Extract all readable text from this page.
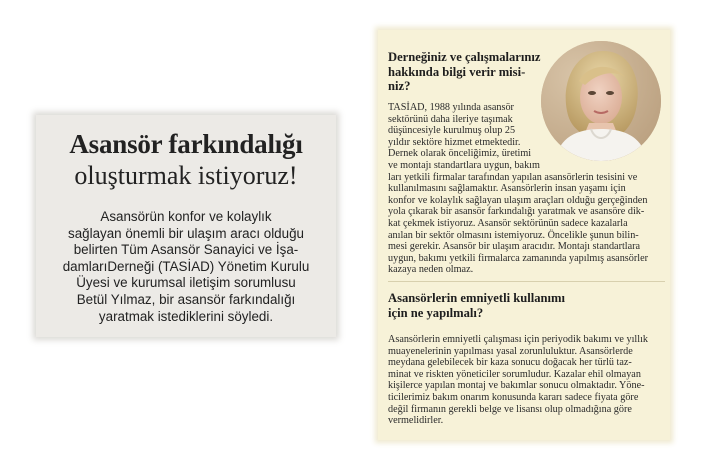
Asansör farkındalığı
oluşturmak istiyoruz!
Asansörün konfor ve kolaylık
sağlayan önemli bir ulaşım aracı olduğu
belirten Tüm Asansör Sanayici ve İşa-
damlarıDerneği (TASİAD) Yönetim Kurulu
Üyesi ve kurumsal iletişim sorumlusu
Betül Yılmaz, bir asansör farkındalığı
yaratmak istediklerini söyledi.
Derneğiniz ve çalışmalarınız
hakkında bilgi verir misi-
niz?
TASİAD, 1988 yılında asansör
sektörünü daha ileriye taşımak
düşüncesiyle kurulmuş olup 25
yıldır sektöre hizmet etmektedir.
Dernek olarak önceliğimiz, üretimi
ve montajı standartlara uygun, bakım
ları yetkili firmalar tarafından yapılan asansörlerin tesisini ve
kullanılmasını sağlamaktır. Asansörlerin insan yaşamı için
konfor ve kolaylık sağlayan ulaşım araçları olduğu gerçeğinden
yola çıkarak bir asansör farkındalığı yaratmak ve asansöre dik-
kat çekmek istiyoruz. Asansör sektörünün sadece kazalarla
anılan bir sektör olmasını istemiyoruz. Öncelikle şunun bilin-
mesi gerekir. Asansör bir ulaşım aracıdır. Montajı standartlara
uygun, bakımı yetkili firmalarca zamanında yapılmış asansörler
kazaya neden olmaz.
Asansörlerin emniyetli kullanımı
için ne yapılmalı?
Asansörlerin emniyetli çalışması için periyodik bakımı ve yıllık
muayenelerinin yapılması yasal zorunluluktur. Asansörlerde
meydana gelebilecek bir kaza sonucu doğacak her türlü taz-
minat ve riskten yöneticiler sorumludur. Kazalar ehil olmayan
kişilerce yapılan montaj ve bakımlar sonucu olmaktadır. Yöne-
ticilerimiz bakım onarım konusunda kararı sadece fiyata göre
değil firmanın gerekli belge ve lisansı olup olmadığına göre
vermelidirler.
